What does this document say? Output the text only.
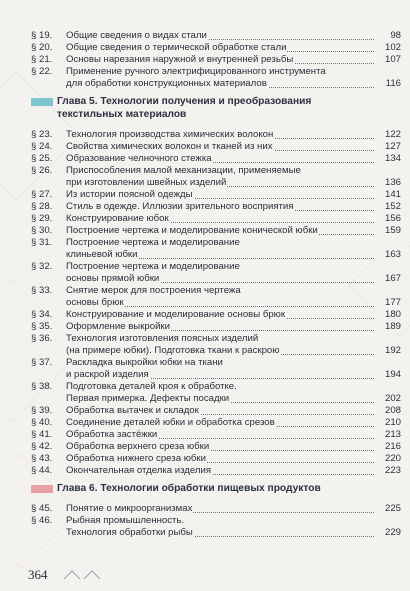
§ 19. Общие сведения о видах стали	98
§ 20. Общие сведения о термической обработке стали	102
§ 21. Основы нарезания наружной и внутренней резьбы	107
§ 22. Применение ручного электрифицированного инструмента
для обработки конструкционных материалов	116
Глава 5. Технологии получения и преобразования
текстильных материалов
§ 23. Технология производства химических волокон	122
§ 24. Свойства химических волокон и тканей из них	127
§ 25. Образование челночного стежка	134
§ 26. Приспособления малой механизации, применяемые
при изготовлении швейных изделий	136
§ 27. Из истории поясной одежды	141
§ 28. Стиль в одежде. Иллюзии зрительного восприятия	152
§ 29. Конструирование юбок	156
§ 30. Построение чертежа и моделирование конической юбки	159
§ 31. Построение чертежа и моделирование
клиньевой юбки	163
§ 32. Построение чертежа и моделирование
основы прямой юбки	167
§ 33. Снятие мерок для построения чертежа
основы брюк	177
§ 34. Конструирование и моделирование основы брюк	180
§ 35. Оформление выкройки	189
§ 36. Технология изготовления поясных изделий
(на примере юбки). Подготовка ткани к раскрою	192
§ 37. Раскладка выкройки юбки на ткани
и раскрой изделия	194
§ 38. Подготовка деталей кроя к обработке.
Первая примерка. Дефекты посадки	202
§ 39. Обработка вытачек и складок	208
§ 40. Соединение деталей юбки и обработка срезов	210
§ 41. Обработка застёжки	213
§ 42. Обработка верхнего среза юбки	216
§ 43. Обработка нижнего среза юбки	220
§ 44. Окончательная отделка изделия	223
Глава 6. Технологии обработки пищевых продуктов
§ 45. Понятие о микроорганизмах	225
§ 46. Рыбная промышленность.
Технология обработки рыбы	229
364
